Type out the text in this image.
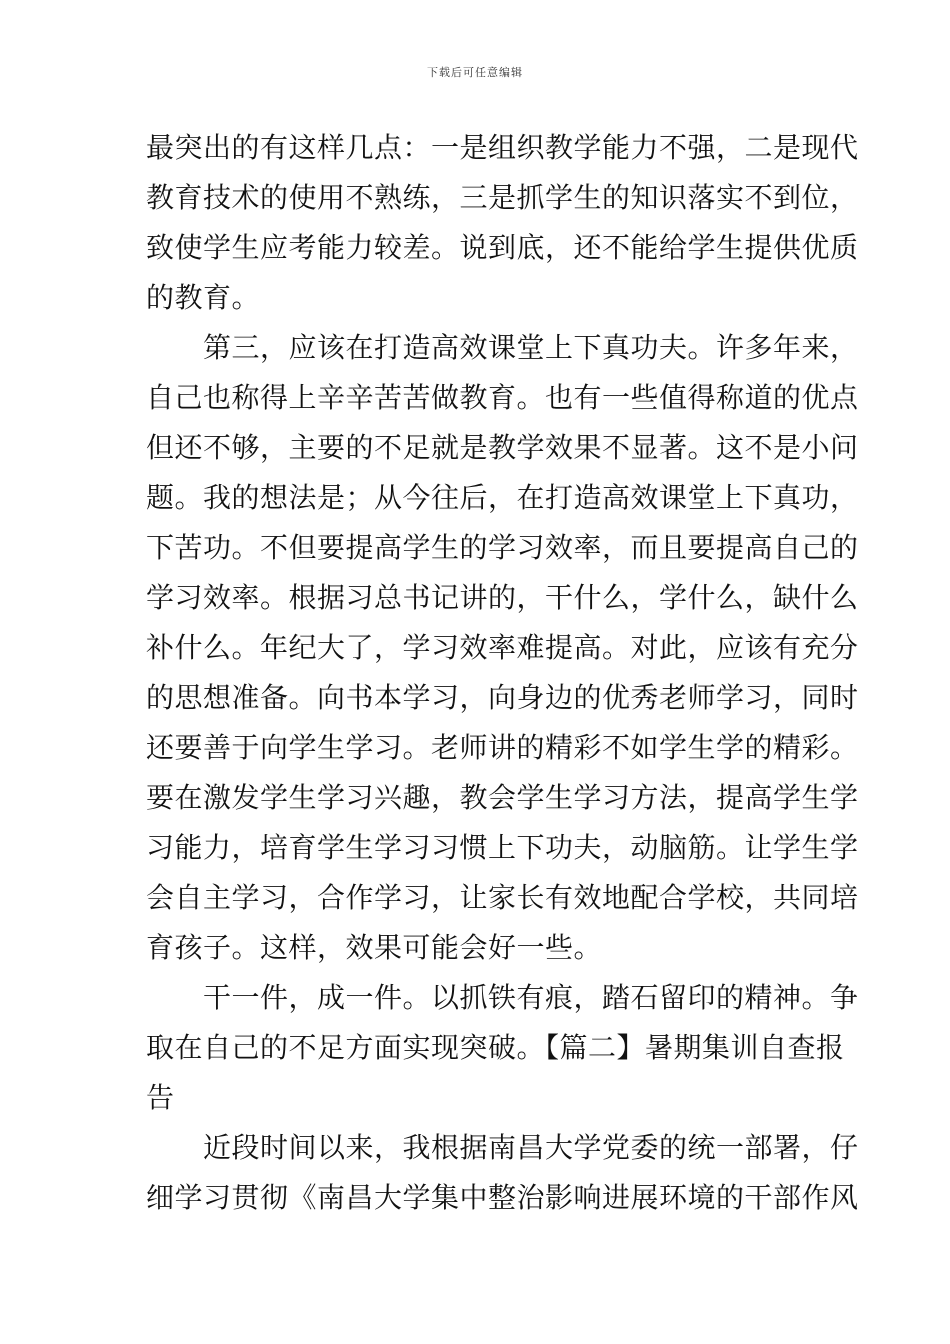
下载后可任意编辑
最突出的有这样几点：一是组织教学能力不强，二是现代
教育技术的使用不熟练，三是抓学生的知识落实不到位，
致使学生应考能力较差。说到底，还不能给学生提供优质
的教育。
　　第三，应该在打造高效课堂上下真功夫。许多年来，
自己也称得上辛辛苦苦做教育。也有一些值得称道的优点
但还不够，主要的不足就是教学效果不显著。这不是小问
题。我的想法是；从今往后，在打造高效课堂上下真功，
下苦功。不但要提高学生的学习效率，而且要提高自己的
学习效率。根据习总书记讲的，干什么，学什么，缺什么
补什么。年纪大了，学习效率难提高。对此，应该有充分
的思想准备。向书本学习，向身边的优秀老师学习，同时
还要善于向学生学习。老师讲的精彩不如学生学的精彩。
要在激发学生学习兴趣，教会学生学习方法，提高学生学
习能力，培育学生学习习惯上下功夫，动脑筋。让学生学
会自主学习，合作学习，让家长有效地配合学校，共同培
育孩子。这样，效果可能会好一些。
　　干一件，成一件。以抓铁有痕，踏石留印的精神。争
取在自己的不足方面实现突破。【篇二】暑期集训自查报
告
　　近段时间以来，我根据南昌大学党委的统一部署，仔
细学习贯彻《南昌大学集中整治影响进展环境的干部作风
